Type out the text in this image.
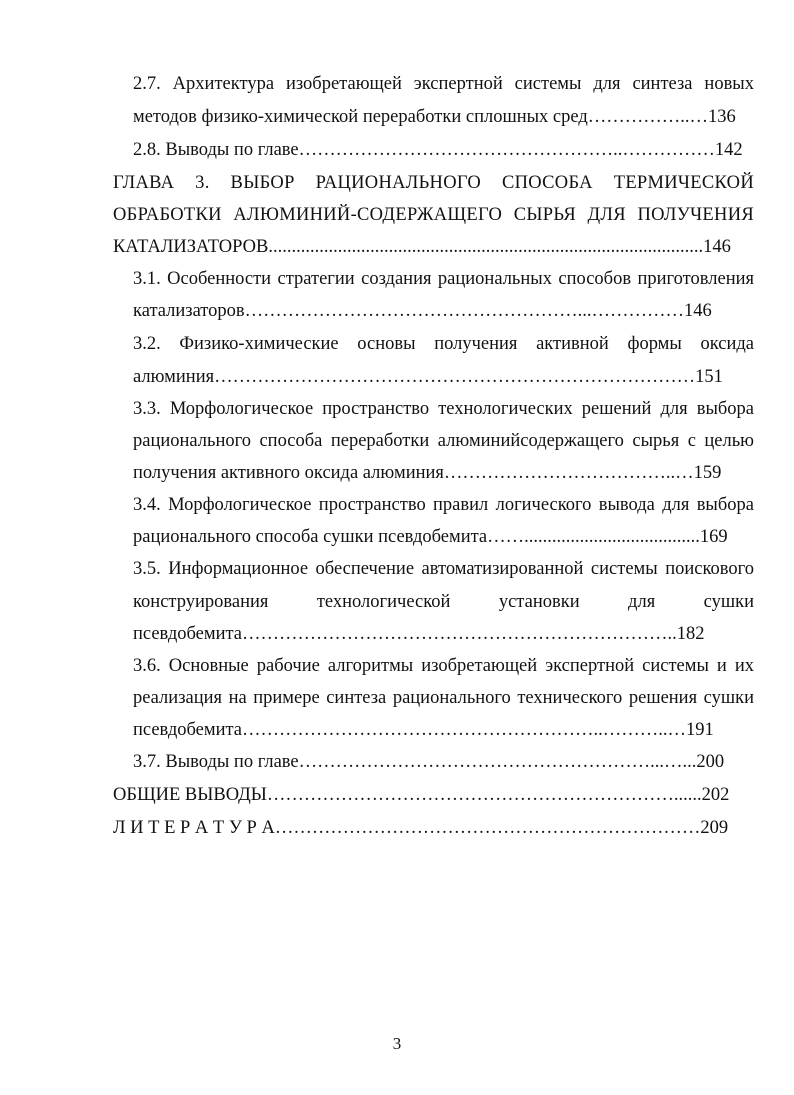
2.7. Архитектура изобретающей экспертной системы для синтеза новых
методов физико-химической переработки сплошных сред……………..…136
2.8. Выводы по главе……………………………………………..……………142
ГЛАВА 3. ВЫБОР РАЦИОНАЛЬНОГО СПОСОБА ТЕРМИЧЕСКОЙ
ОБРАБОТКИ АЛЮМИНИЙ-СОДЕРЖАЩЕГО СЫРЬЯ ДЛЯ ПОЛУЧЕНИЯ
КАТАЛИЗАТОРОВ..............................................................................................146
3.1. Особенности стратегии создания рациональных способов приготовления
катализаторов………………………………………………...……………146
3.2. Физико-химические основы получения активной формы оксида
алюминия……………………………………………………………………151
3.3. Морфологическое пространство технологических решений для выбора
рационального способа переработки алюминийсодержащего сырья с целью
получения активного оксида алюминия………………………………..…159
3.4. Морфологическое пространство правил логического вывода для выбора
рационального способа сушки псевдобемита……......................................169
3.5. Информационное обеспечение автоматизированной системы поискового
конструирования технологической установки для сушки
псевдобемита……………………………………………………………..182
3.6. Основные рабочие алгоритмы изобретающей экспертной системы и их
реализация на примере синтеза рационального технического решения сушки
псевдобемита…………………………………………………..………..…191
3.7. Выводы по главе…………………………………………………...…...200
ОБЩИЕ ВЫВОДЫ…………………………………………………………......202
Л И Т Е Р А Т У Р А……………………………………………………………209
3
